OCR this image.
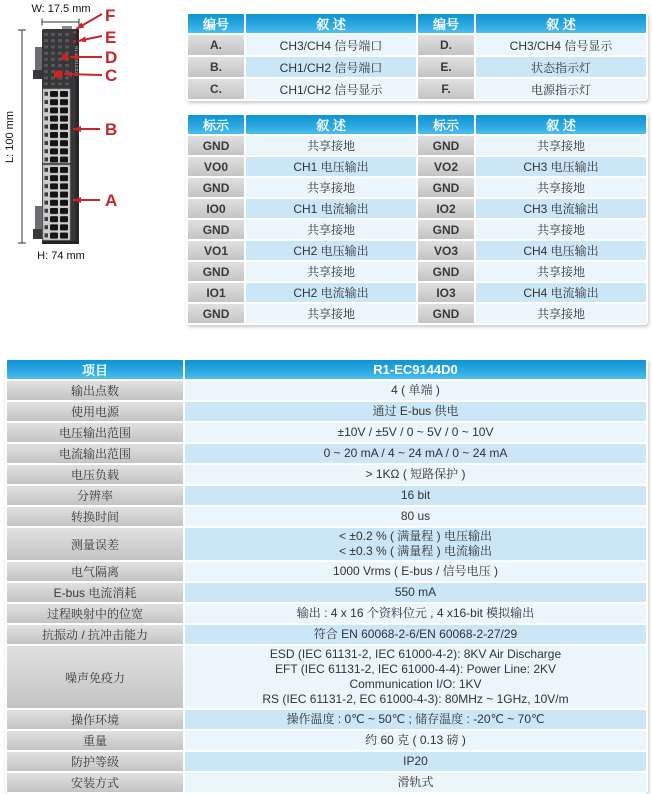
W: 17.5 mm
L: 100 mm
H: 74 mm
R1-EC9144D0
F
E
D
C
B
A
编号	叙 述	编号	叙 述
A.	CH3/CH4 信号端口	D.	CH3/CH4 信号显示
B.	CH1/CH2 信号端口	E.	状态指示灯
C.	CH1/CH2 信号显示	F.	电源指示灯
标示	叙 述	标示	叙 述
GND	共享接地	GND	共享接地
VO0	CH1 电压输出	VO2	CH3 电压输出
GND	共享接地	GND	共享接地
IO0	CH1 电流输出	IO2	CH3 电流输出
GND	共享接地	GND	共享接地
VO1	CH2 电压输出	VO3	CH4 电压输出
GND	共享接地	GND	共享接地
IO1	CH2 电流输出	IO3	CH4 电流输出
GND	共享接地	GND	共享接地
项目	R1-EC9144D0
输出点数	4 ( 单端 )

使用电源	通过 E-bus 供电

电压输出范围	±10V / ±5V / 0 ~ 5V / 0 ~ 10V

电流输出范围	0 ~ 20 mA / 4 ~ 24 mA / 0 ~ 24 mA

电压负载	> 1KΩ ( 短路保护 )

分辨率	16 bit

转换时间	80 us

测量误差	< ±0.2 % ( 满量程 ) 电压输出
< ±0.3 % ( 满量程 ) 电流输出

电气隔离	1000 Vrms ( E-bus / 信号电压 )

E-bus 电流消耗	550 mA

过程映射中的位宽	输出 : 4 x 16 个资料位元 , 4 x16-bit 模拟输出

抗振动 / 抗冲击能力	符合 EN 60068-2-6/EN 60068-2-27/29

噪声免疫力	ESD (IEC 61131-2, IEC 61000-4-2): 8KV Air Discharge
EFT (IEC 61131-2, IEC 61000-4-4): Power Line: 2KV
Communication I/O: 1KV
RS (IEC 61131-2, EC 61000-4-3): 80MHz ~ 1GHz, 10V/m

操作环境	操作温度 : 0℃ ~ 50℃ ; 储存温度 : -20℃ ~ 70℃

重量	约 60 克 ( 0.13 磅 )

防护等级	IP20

安装方式	滑轨式
